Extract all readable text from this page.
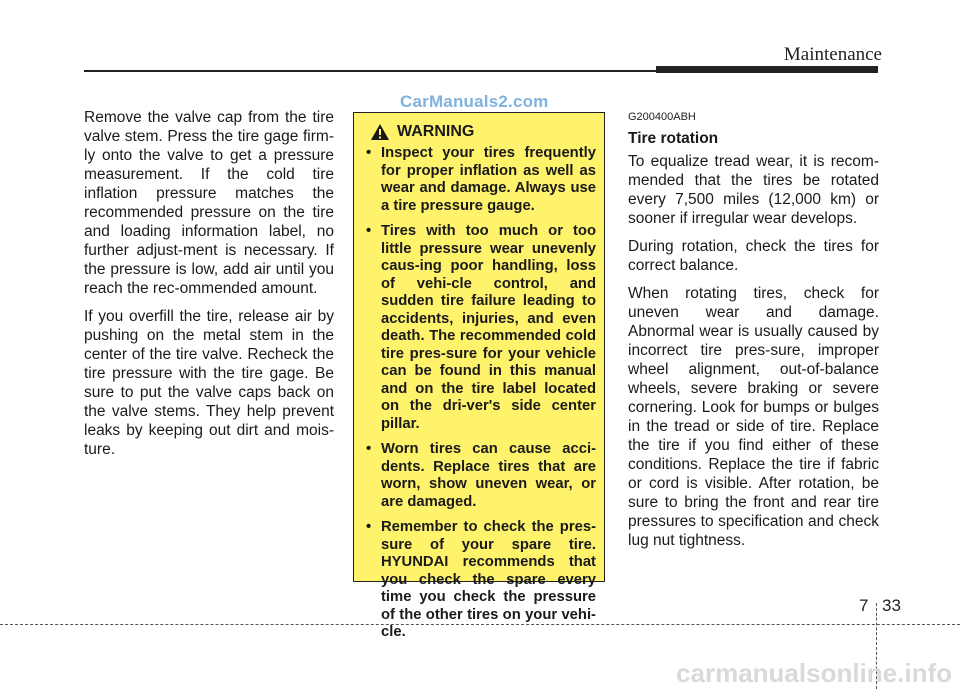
Maintenance
CarManuals2.com

Remove the valve cap from the tire valve stem. Press the tire gage firm-ly onto the valve to get a pressure measurement. If the cold tire inflation pressure matches the recommended pressure on the tire and loading information label, no further adjust-ment is necessary. If the pressure is low, add air until you reach the rec-ommended amount.

If you overfill the tire, release air by pushing on the metal stem in the center of the tire valve. Recheck the tire pressure with the tire gage. Be sure to put the valve caps back on the valve stems. They help prevent leaks by keeping out dirt and mois-ture.

WARNING
• Inspect your tires frequently for proper inflation as well as wear and damage. Always use a tire pressure gauge.
• Tires with too much or too little pressure wear unevenly caus-ing poor handling, loss of vehi-cle control, and sudden tire failure leading to accidents, injuries, and even death. The recommended cold tire pres-sure for your vehicle can be found in this manual and on the tire label located on the dri-ver's side center pillar.
• Worn tires can cause acci-dents. Replace tires that are worn, show uneven wear, or are damaged.
• Remember to check the pres-sure of your spare tire. HYUNDAI recommends that you check the spare every time you check the pressure of the other tires on your vehi-cle.
G200400ABH
Tire rotation

To equalize tread wear, it is recom-mended that the tires be rotated every 7,500 miles (12,000 km) or sooner if irregular wear develops.

During rotation, check the tires for correct balance.

When rotating tires, check for uneven wear and damage. Abnormal wear is usually caused by incorrect tire pres-sure, improper wheel alignment, out-of-balance wheels, severe braking or severe cornering. Look for bumps or bulges in the tread or side of tire. Replace the tire if you find either of these conditions. Replace the tire if fabric or cord is visible. After rotation, be sure to bring the front and rear tire pressures to specification and check lug nut tightness.

7 33
carmanualsonline.info
